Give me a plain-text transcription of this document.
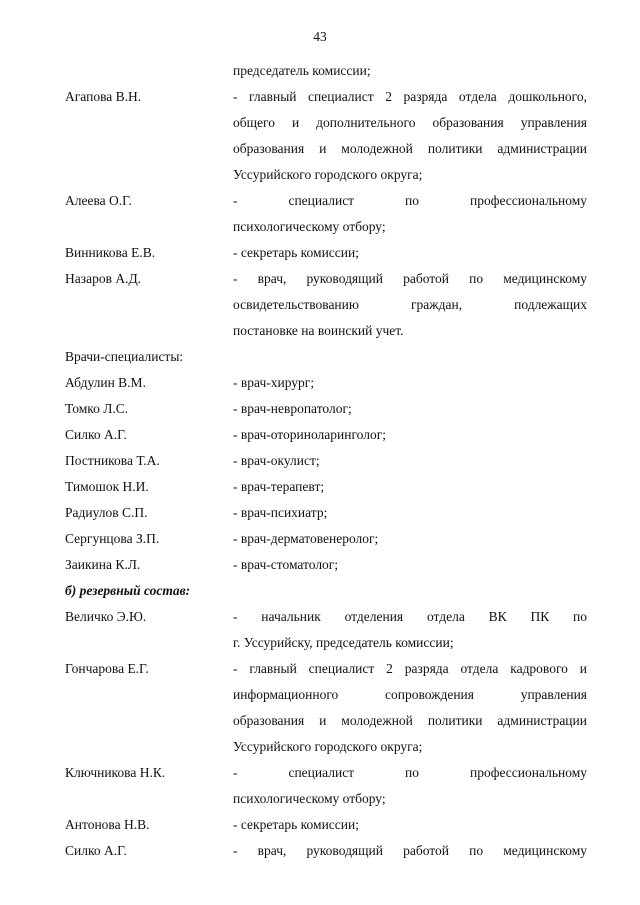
43
председатель комиссии;
Агапова В.Н.	- главный специалист 2 разряда отдела дошкольного,
общего и дополнительного образования управления
образования и молодежной политики администрации
Уссурийского городского округа;
Алеева О.Г.	- специалист по профессиональному
психологическому отбору;
Винникова Е.В.	- секретарь комиссии;
Назаров А.Д.	- врач, руководящий работой по медицинскому
освидетельствованию граждан, подлежащих
постановке на воинский учет.
Врачи-специалисты:
Абдулин В.М.	- врач-хирург;
Томко Л.С.	- врач-невропатолог;
Силко А.Г.	- врач-оториноларинголог;
Постникова Т.А.	- врач-окулист;
Тимошок Н.И.	- врач-терапевт;
Радиулов С.П.	- врач-психиатр;
Сергунцова З.П.	- врач-дерматовенеролог;
Заикина К.Л.	- врач-стоматолог;
б) резервный состав:
Величко Э.Ю.	- начальник отделения отдела ВК ПК по
г. Уссурийску, председатель комиссии;
Гончарова Е.Г.	- главный специалист 2 разряда отдела кадрового и
информационного сопровождения управления
образования и молодежной политики администрации
Уссурийского городского округа;
Ключникова Н.К.	- специалист по профессиональному
психологическому отбору;
Антонова Н.В.	- секретарь комиссии;
Силко А.Г.	- врач, руководящий работой по медицинскому
